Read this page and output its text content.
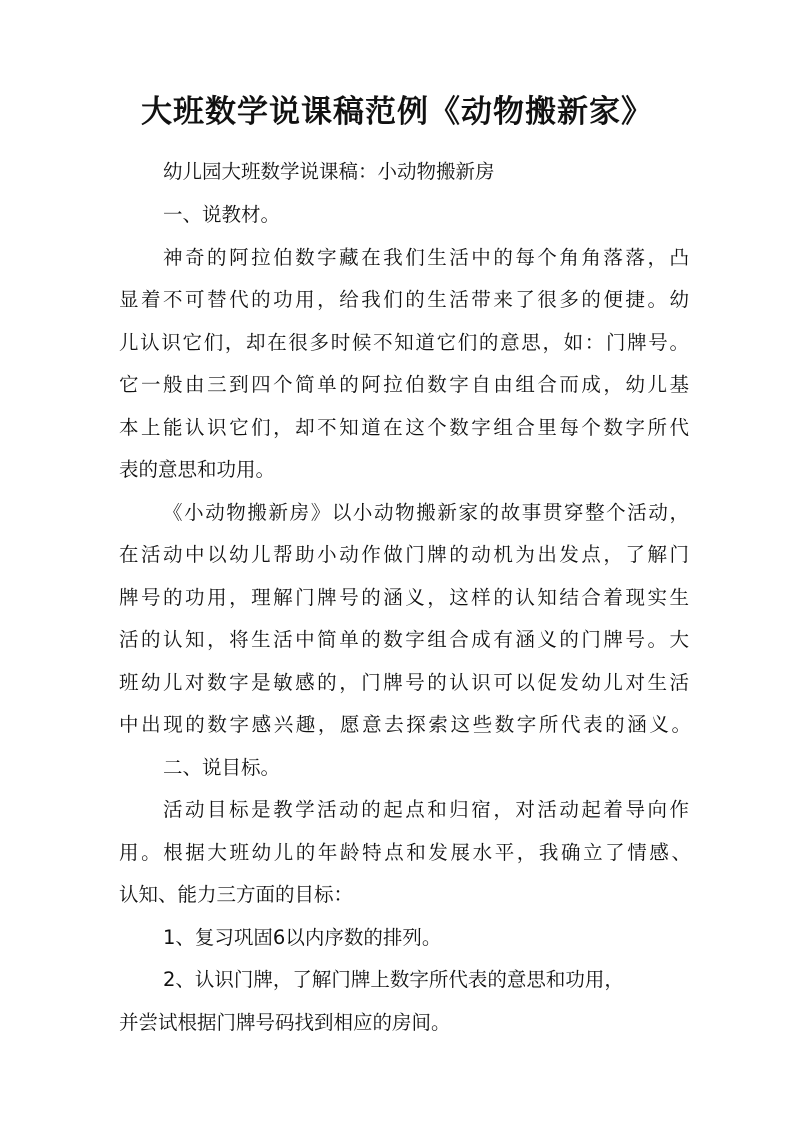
大班数学说课稿范例《动物搬新家》
幼儿园大班数学说课稿：小动物搬新房
一、说教材。
神奇的阿拉伯数字藏在我们生活中的每个角角落落，凸
显着不可替代的功用，给我们的生活带来了很多的便捷。幼
儿认识它们，却在很多时候不知道它们的意思，如：门牌号。
它一般由三到四个简单的阿拉伯数字自由组合而成，幼儿基
本上能认识它们，却不知道在这个数字组合里每个数字所代
表的意思和功用。
《小动物搬新房》以小动物搬新家的故事贯穿整个活动，
在活动中以幼儿帮助小动作做门牌的动机为出发点，了解门
牌号的功用，理解门牌号的涵义，这样的认知结合着现实生
活的认知，将生活中简单的数字组合成有涵义的门牌号。大
班幼儿对数字是敏感的，门牌号的认识可以促发幼儿对生活
中出现的数字感兴趣，愿意去探索这些数字所代表的涵义。
二、说目标。
活动目标是教学活动的起点和归宿，对活动起着导向作
用。根据大班幼儿的年龄特点和发展水平，我确立了情感、
认知、能力三方面的目标：
1、复习巩固6以内序数的排列。
2、认识门牌，了解门牌上数字所代表的意思和功用，
并尝试根据门牌号码找到相应的房间。
